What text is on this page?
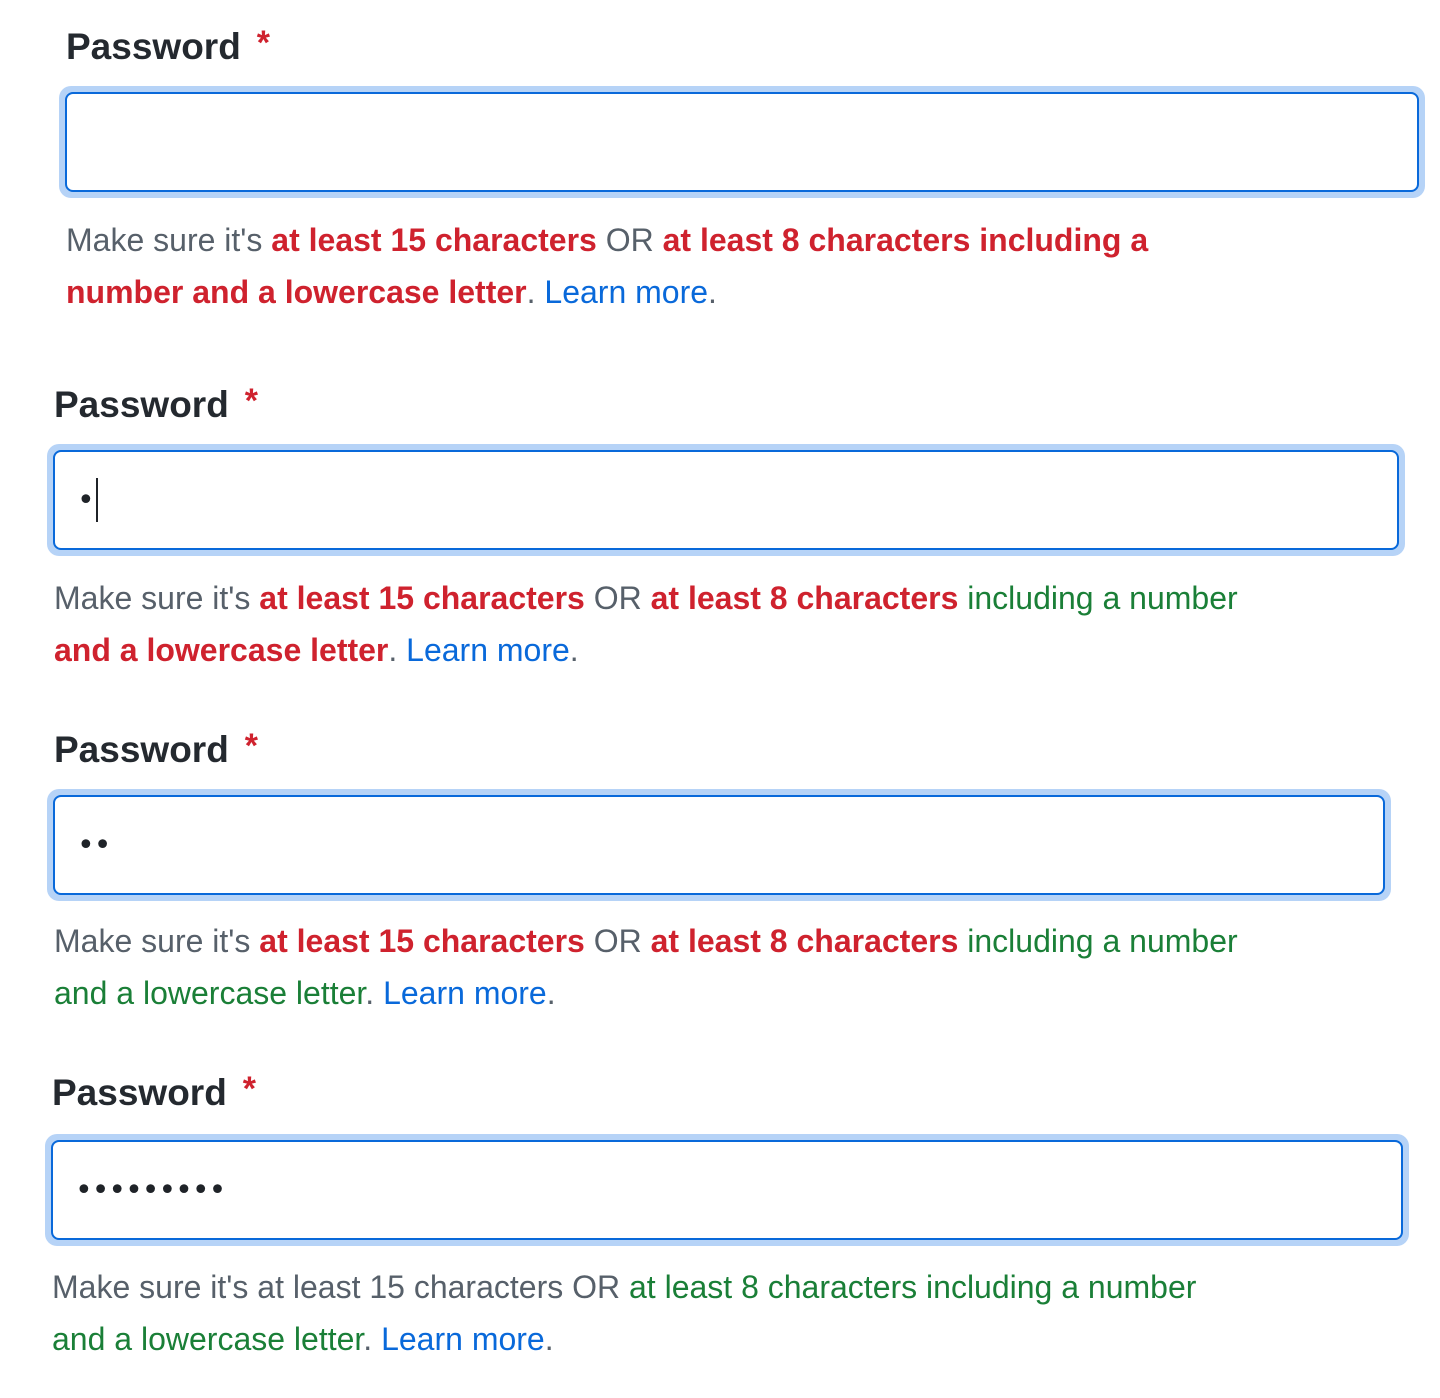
Password *
Make sure it's at least 15 characters OR at least 8 characters including a
number and a lowercase letter. Learn more.
Password *
•
Make sure it's at least 15 characters OR at least 8 characters including a number
and a lowercase letter. Learn more.
Password *
••
Make sure it's at least 15 characters OR at least 8 characters including a number
and a lowercase letter. Learn more.
Password *
•••••••••
Make sure it's at least 15 characters OR at least 8 characters including a number
and a lowercase letter. Learn more.
